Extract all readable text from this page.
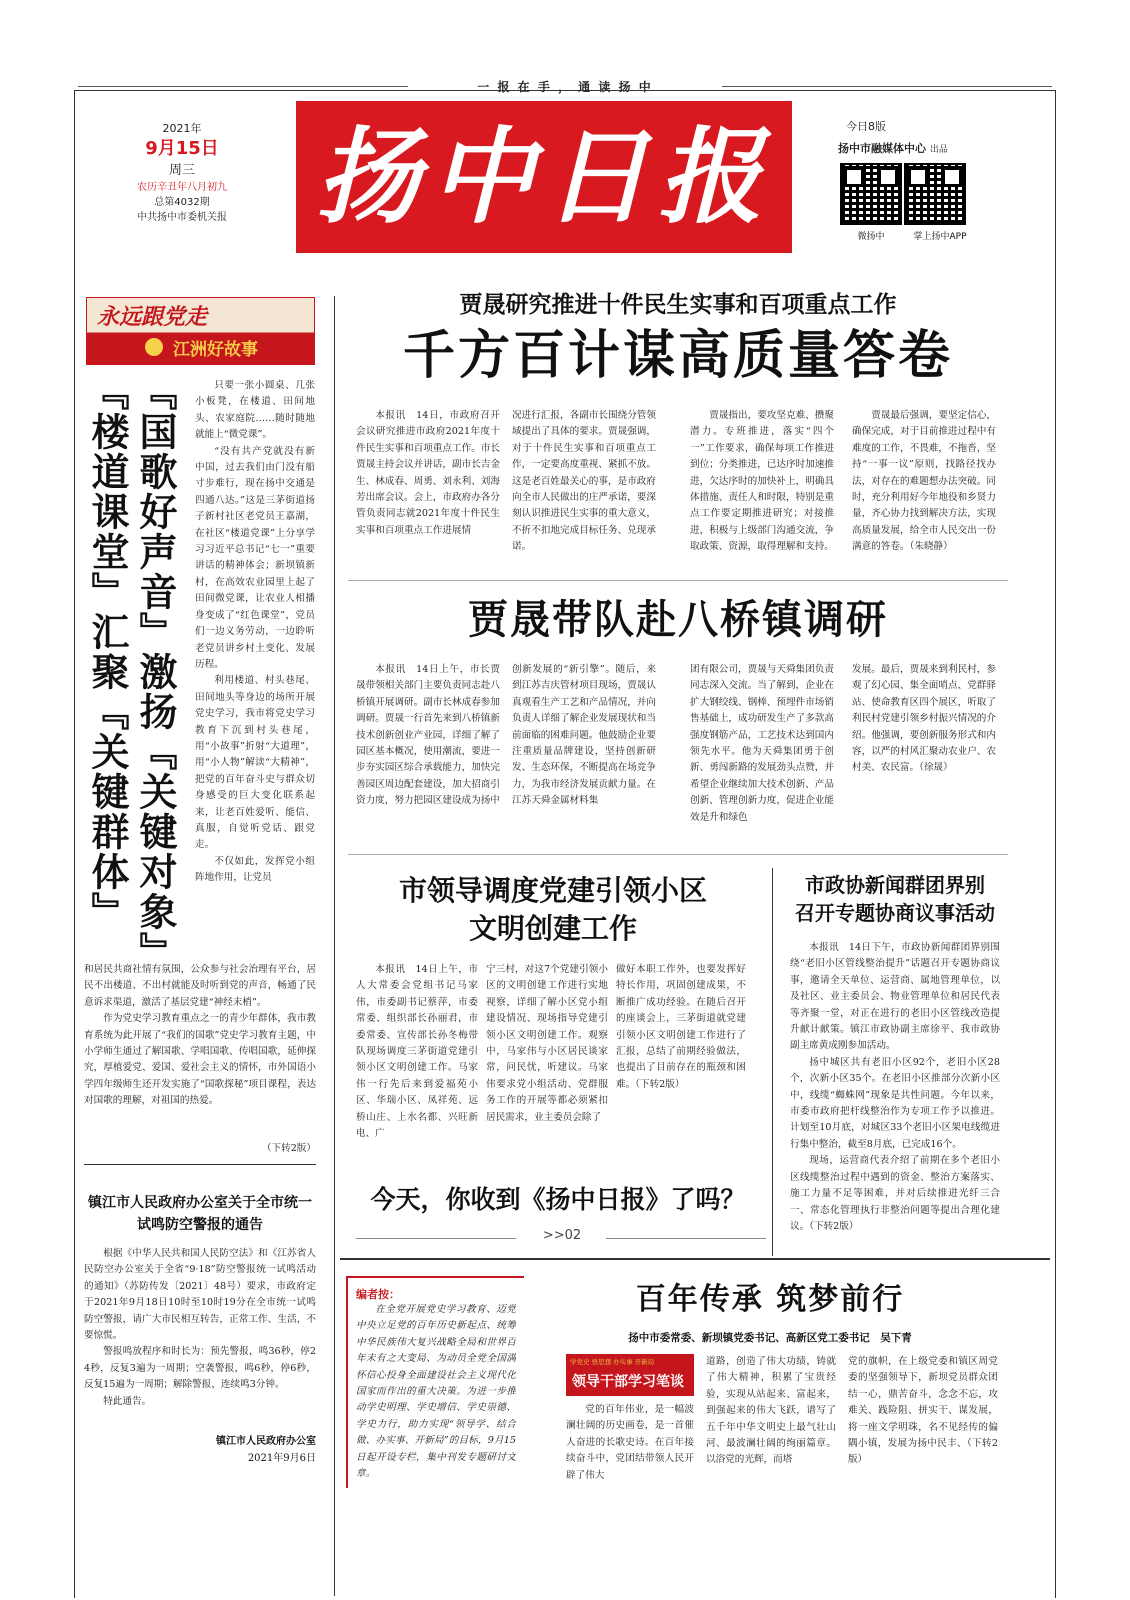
一 报 在 手 ， 通 读 扬 中
2021年
9月15日
周三
农历辛丑年八月初九
总第4032期
中共扬中市委机关报 扬中日报	今日8版
扬中市融媒体中心 出品
微扬中	掌上扬中APP
永远跟党走
江洲好故事
『国歌好声音』激扬『关键对象』
『楼道课堂』汇聚『关键群体』	只要一张小圆桌、几张小板凳，在楼道、田间地头、农家庭院……随时随地就能上“微党课”。

“没有共产党就没有新中国，过去我们由门没有船寸步难行，现在扬中交通是四通八达。”这是三茅街道扬子新村社区老党员王嘉湖，在社区“楼道党课”上分享学习习近平总书记“七一”重要讲话的精神体会；新坝镇新村，在高效农业园里上起了田间微党课，让农业人相播身变成了“红色课堂”，党员们一边义务劳动，一边聆听老党员讲乡村土变化、发展历程。

利用楼道、村头巷尾、田间地头等身边的场所开展党史学习，我市将党史学习教育下沉到村头巷尾，用“小故事”折射“大道理”，用“小人物”解读“大精神”，把党的百年奋斗史与群众切身感受的巨大变化联系起来，让老百姓爱听、能信、真服，自觉听党话、跟党走。

不仅如此，发挥党小组阵地作用，让党员

和居民共商社情有氛围，公众参与社会治理有平台，居民不出楼道、不出村就能及时听到党的声音，畅通了民意诉求渠道，激活了基层党建“神经末梢”。

作为党史学习教育重点之一的青少年群体，我市教育系统为此开展了“我们的国歌”党史学习教育主题，中小学师生通过了解国歌、学唱国歌、传唱国歌，延伸探究，厚植爱党、爱国、爱社会主义的情怀，市外国语小学四年级师生还开发实施了“国歌探秘”项目课程，表达对国歌的理解，对祖国的热爱。

（下转2版）
镇江市人民政府办公室关于全市统一试鸣防空警报的通告

根据《中华人民共和国人民防空法》和《江苏省人民防空办公室关于全省“9·18”防空警报统一试鸣活动的通知》（苏防传发〔2021〕48号）要求，市政府定于2021年9月18日10时至10时19分在全市统一试鸣防空警报，请广大市民相互转告，正常工作、生活，不要惊慌。

警报鸣放程序和时长为：预先警报，鸣36秒，停24秒，反复3遍为一周期；空袭警报，鸣6秒，停6秒，反复15遍为一周期；解除警报，连续鸣3分钟。

特此通告。

镇江市人民政府办公室
2021年9月6日
贾晟研究推进十件民生实事和百项重点工作
千方百计谋高质量答卷
本报讯　14日，市政府召开会议研究推进市政府2021年度十件民生实事和百项重点工作。市长贾晟主持会议并讲话，副市长吉金生、林成春、周勇、刘永利、刘海芳出席会议。会上，市政府办各分管负责同志就2021年度十件民生实事和百项重点工作进展情
况进行汇报，各副市长围绕分管领域提出了具体的要求。贾晟强调，对于十件民生实事和百项重点工作，一定要高度重视、紧抓不放。这是老百姓最关心的事，是市政府向全市人民做出的庄严承诺，要深刻认识推进民生实事的重大意义，不折不扣地完成目标任务、兑现承诺。
贾晟指出，要攻坚克难、攒聚潜力。专班推进，落实“四个一”工作要求，确保每项工作推进到位；分类推进，已达序时加速推进，欠达序时的加快补上，明确具体措施、责任人和时限，特别是重点工作要定期推进研究；对接推进，积极与上级部门沟通交流，争取政策、资源，取得理解和支持。
贾晟最后强调，要坚定信心，确保完成，对于目前推进过程中有难度的工作，不畏难，不拖沓，坚持“一事一议”原则，找路径找办法，对存在的难题想办法突破。同时，充分利用好今年地役和乡贤力量，齐心协力找到解决方法，实现高质量发展，给全市人民交出一份满意的答卷。（朱晓静）
贾晟带队赴八桥镇调研
本报讯　14日上午，市长贾晟带领相关部门主要负责同志赴八桥镇开展调研。副市长林成春参加调研。贾晟一行首先来到八桥镇新技术创新创业产业园，详细了解了园区基本概况，使用潮流，要进一步夯实园区综合承载能力，加快完善园区周边配套建设，加大招商引资力度，努力把园区建设成为扬中
创新发展的“新引擎”。随后，来到江苏吉庆管材项目现场，贾晟认真观看生产工艺和产品情况，并向负责人详细了解企业发展现状和当前面临的困难问题。他鼓励企业要注重质量品牌建设，坚持创新研发、生态环保，不断提高在场竞争力，为我市经济发展贡献力量。在江苏天舜金属材料集
团有限公司，贾晟与天舜集团负责同志深入交流。当了解到，企业在扩大钢绞线、钢棒、预埋件市场销售基础上，成功研发生产了多款高强度钢筋产品，工艺技术达到国内领先水平。他为天舜集团勇于创新、勇闯新路的发展劲头点赞，并希望企业继续加大技术创新、产品创新、管理创新力度，促进企业能效是升和绿色
发展。最后，贾晟来到利民村，参观了幻心园、集全面哨点、党群驿站、使命教育区四个展区，听取了利民村党建引领乡村振兴情况的介绍。他强调，要创新服务形式和内容，以严的村风汇聚动农业户、农村美、农民富。（徐晟）
市领导调度党建引领小区
文明创建工作
本报讯　14日上午，市人大常委会党组书记马家伟，市委副书记蔡萍，市委常委、组织部长孙丽君，市委常委、宣传部长孙冬梅带队现场调度三茅街道党建引领小区文明创建工作。马家伟一行先后来到爱福苑小区、华瑞小区、凤祥苑、远桥山庄、上水名都、兴旺新电、广
宁三村，对这7个党建引领小区的文明创建工作进行实地视察，详细了解小区党小组建设情况、现场指导党建引领小区文明创建工作。观察中，马家伟与小区居民谈家常，问民忧，听建议。马家伟要求党小组活动、党群服务工作的开展等都必须紧扣居民需求，业主委员会除了
做好本职工作外，也要发挥好特长作用，巩固创建成果，不断推广成功经验。在随后召开的座谈会上，三茅街道就党建引领小区文明创建工作进行了汇报，总结了前期经验做法，也提出了目前存在的瓶颈和困难。（下转2版）
市政协新闻群团界别
召开专题协商议事活动

本报讯　14日下午，市政协新闻群团界别围绕“老旧小区管线整治提升”话题召开专题协商议事，邀请全天单位、运营商、属地管理单位，以及社区、业主委员会、物业管理单位和居民代表等齐聚一堂，对正在进行的老旧小区管线改造提升献计献策。镇江市政协副主席徐平、我市政协副主席黄成刚参加活动。

扬中城区共有老旧小区92个，老旧小区28个，次新小区35个。在老旧小区推部分次新小区中，线缆“蜘蛛网”现象是共性问题。今年以来，市委市政府把杆线整治作为专项工作予以推进。计划至10月底，对城区33个老旧小区架电线缆进行集中整治，截至8月底，已完成16个。

现场，运营商代表介绍了前期在多个老旧小区线缆整治过程中遇到的资金、整治方案落实、施工力量不足等困难，并对后续推进光纤三合一、常态化管理执行非整治问题等提出合理化建议。（下转2版）

今天，你收到《扬中日报》了吗？
>>02
编者按：
在全党开展党史学习教育、迈党中央立足党的百年历史新起点、统筹中华民族伟大复兴战略全局和世界百年未有之大变局、为动员全党全国满怀信心投身全面建设社会主义现代化国家而作出的重大决策。为进一步推动学史明理、学史增信、学史崇德、学史力行，助力实现“领导学、结合做、办实事、开新局”的目标，9月15日起开设专栏，集中刊发专题研讨文章。
百年传承 筑梦前行
扬中市委常委、新坝镇党委书记、高新区党工委书记　吴下青
学党史 悟思想 办实事 开新局
领导干部学习笔谈
党的百年伟业，是一幅波澜壮阔的历史画卷，是一首催人奋进的长歌史诗。在百年接续奋斗中，党团结带领人民开辟了伟大
道路，创造了伟大功绩，铸就了伟大精神，积累了宝贵经验，实现从站起来、富起来，到强起来的伟大飞跃，谱写了五千年中华文明史上最气壮山河、最波澜壮阔的绚丽篇章。以浴党的光辉，而塔
党的旗帜，在上级党委和镇区周党委的坚强领导下，新坝党员群众团结一心，鼎苦奋斗，念念不忘，攻难关、践险阻、拼实干、谋发展，将一座文学明珠，名不见经传的偏隅小镇，发展为扬中民丰、（下转2版）
